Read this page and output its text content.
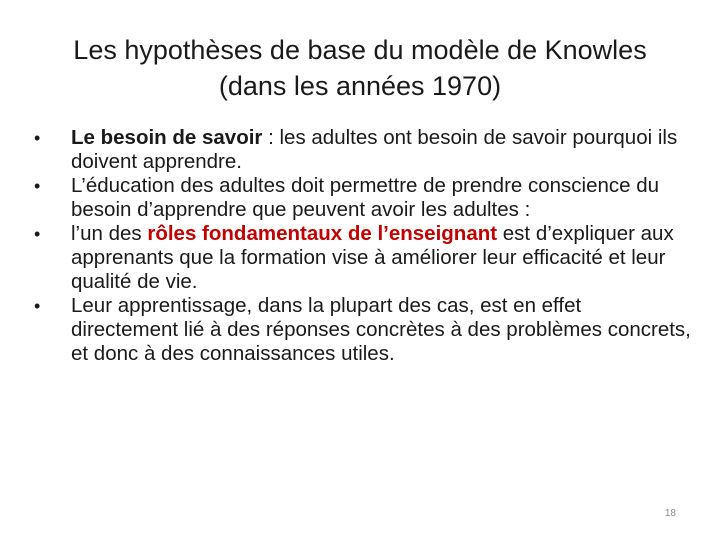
Les hypothèses de base du modèle de Knowles
(dans les années 1970)
• Le besoin de savoir : les adultes ont besoin de savoir pourquoi ils doivent apprendre.
• L’éducation des adultes doit permettre de prendre conscience du besoin d’apprendre que peuvent avoir les adultes :
• l’un des rôles fondamentaux de l’enseignant est d’expliquer aux apprenants que la formation vise à améliorer leur efficacité et leur qualité de vie.
• Leur apprentissage, dans la plupart des cas, est en effet directement lié à des réponses concrètes à des problèmes concrets, et donc à des connaissances utiles.
18
